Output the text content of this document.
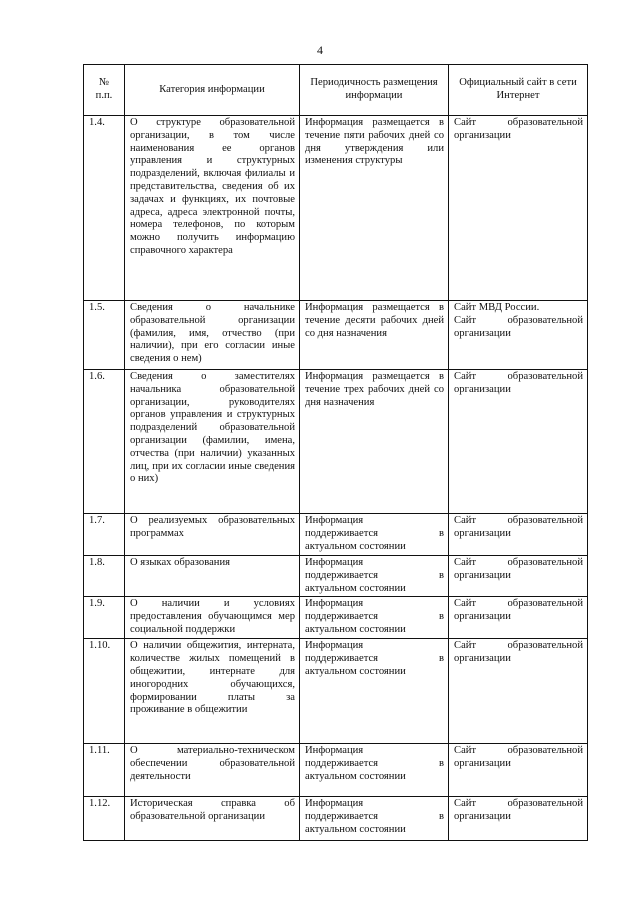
4
№
п.п.	Категория информации	Периодичность размещения информации	Официальный сайт в сети Интернет
1.4.	О структуре образовательной организации, в том числе наименования ее органов управления и структурных подразделений, включая филиалы и представительства, сведения об их задачах и функциях, их почтовые адреса, адреса электронной почты, номера телефонов, по которым можно получить информацию справочного характера	Информация размещается в течение пяти рабочих дней со дня утверждения или изменения структуры	Сайт образовательной организации
1.5.	Сведения о начальнике образовательной организации (фамилия, имя, отчество (при наличии), при его согласии иные сведения о нем)	Информация размещается в течение десяти рабочих дней со дня назначения	Сайт МВД России.
Сайт образовательной организации

1.6.	Сведения о заместителях начальника образовательной организации, руководителях органов управления и структурных подразделений образовательной организации (фамилии, имена, отчества (при наличии) указанных лиц, при их согласии иные сведения о них)	Информация размещается в течение трех рабочих дней со дня назначения	Сайт образовательной организации
1.7.	О реализуемых образовательных программах	Информация
поддерживается в
актуальном состоянии	Сайт образовательной организации
1.8.	О языках образования	Информация
поддерживается в
актуальном состоянии	Сайт образовательной организации
1.9.	О наличии и условиях предоставления обучающимся мер социальной поддержки	Информация
поддерживается в
актуальном состоянии	Сайт образовательной организации
1.10.	О наличии общежития, интерната, количестве жилых помещений в общежитии, интернате для иногородних обучающихся, формировании платы за проживание в общежитии	Информация
поддерживается в
актуальном состоянии	Сайт образовательной организации
1.11.	О материально-техническом обеспечении образовательной деятельности	Информация
поддерживается в
актуальном состоянии	Сайт образовательной организации
1.12.	Историческая справка об образовательной организации	Информация
поддерживается в
актуальном состоянии	Сайт образовательной организации
